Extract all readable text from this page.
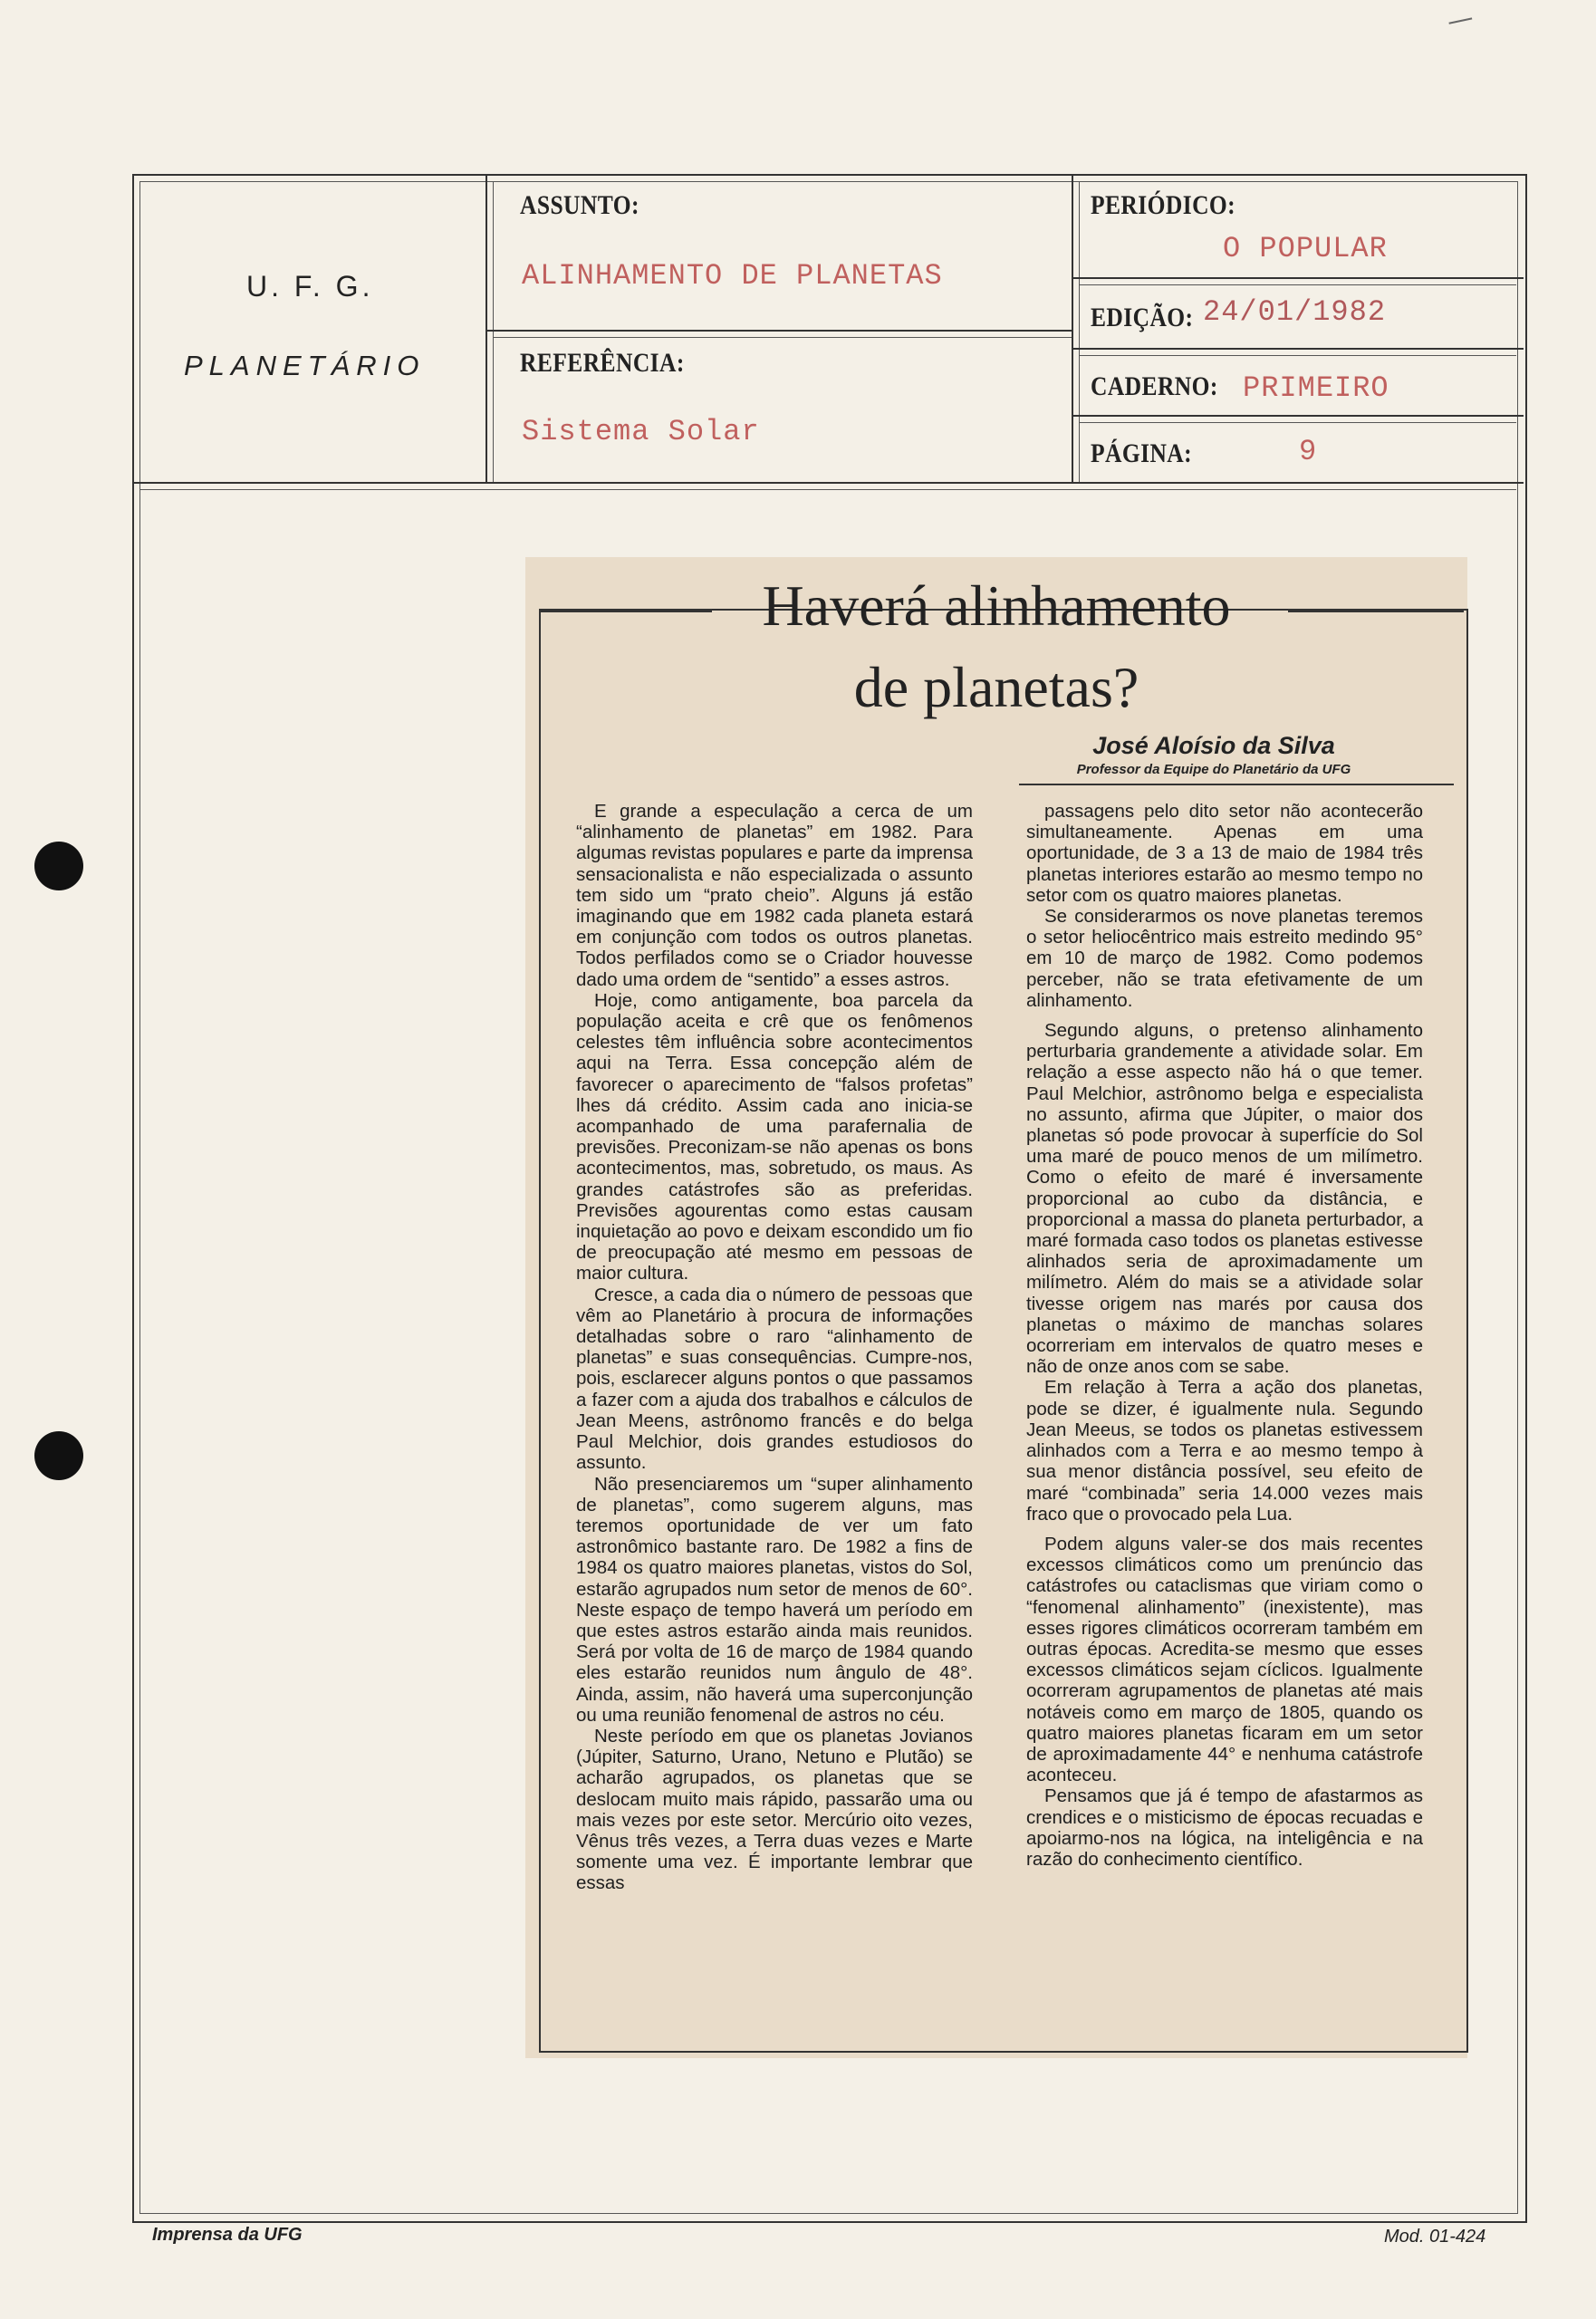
U. F. G.
PLANETÁRIO
ASSUNTO:
ALINHAMENTO DE PLANETAS
REFERÊNCIA:
Sistema Solar
PERIÓDICO:
O POPULAR
EDIÇÃO: 24/01/1982
CADERNO: PRIMEIRO
PÁGINA:	9
Haverá alinhamento
de planetas?
José Aloísio da Silva
Professor da Equipe do Planetário da UFG

E grande a especulação a cerca de um “alinhamento de planetas” em 1982. Para algumas revistas populares e parte da imprensa sensacionalista e não especializada o assunto tem sido um “prato cheio”. Alguns já estão imaginando que em 1982 cada planeta estará em conjunção com todos os outros planetas. Todos perfilados como se o Criador houvesse dado uma ordem de “sentido” a esses astros.

Hoje, como antigamente, boa parcela da população aceita e crê que os fenômenos celestes têm influência sobre acontecimentos aqui na Terra. Essa concepção além de favorecer o aparecimento de “falsos profetas” lhes dá crédito. Assim cada ano inicia-se acompanhado de uma parafernalia de previsões. Preconizam-se não apenas os bons acontecimentos, mas, sobretudo, os maus. As grandes catástrofes são as preferidas. Previsões agourentas como estas causam inquietação ao povo e deixam escondido um fio de preocupação até mesmo em pessoas de maior cultura.

Cresce, a cada dia o número de pessoas que vêm ao Planetário à procura de informações detalhadas sobre o raro “alinhamento de planetas” e suas consequências. Cumpre-nos, pois, esclarecer alguns pontos o que passamos a fazer com a ajuda dos trabalhos e cálculos de Jean Meens, astrônomo francês e do belga Paul Melchior, dois grandes estudiosos do assunto.

Não presenciaremos um “super alinhamento de planetas”, como sugerem alguns, mas teremos oportunidade de ver um fato astronômico bastante raro. De 1982 a fins de 1984 os quatro maiores planetas, vistos do Sol, estarão agrupados num setor de menos de 60°. Neste espaço de tempo haverá um período em que estes astros estarão ainda mais reunidos. Será por volta de 16 de março de 1984 quando eles estarão reunidos num ângulo de 48°. Ainda, assim, não haverá uma superconjunção ou uma reunião fenomenal de astros no céu.

Neste período em que os planetas Jovianos (Júpiter, Saturno, Urano, Netuno e Plutão) se acharão agrupados, os planetas que se deslocam muito mais rápido, passarão uma ou mais vezes por este setor. Mercúrio oito vezes, Vênus três vezes, a Terra duas vezes e Marte somente uma vez. É importante lembrar que essas

passagens pelo dito setor não acontecerão simultaneamente. Apenas em uma oportunidade, de 3 a 13 de maio de 1984 três planetas interiores estarão ao mesmo tempo no setor com os quatro maiores planetas.

Se considerarmos os nove planetas teremos o setor heliocêntrico mais estreito medindo 95° em 10 de março de 1982. Como podemos perceber, não se trata efetivamente de um alinhamento.

Segundo alguns, o pretenso alinhamento perturbaria grandemente a atividade solar. Em relação a esse aspecto não há o que temer. Paul Melchior, astrônomo belga e especialista no assunto, afirma que Júpiter, o maior dos planetas só pode provocar à superfície do Sol uma maré de pouco menos de um milímetro. Como o efeito de maré é inversamente proporcional ao cubo da distância, e proporcional a massa do planeta perturbador, a maré formada caso todos os planetas estivesse alinhados seria de aproximadamente um milímetro. Além do mais se a atividade solar tivesse origem nas marés por causa dos planetas o máximo de manchas solares ocorreriam em intervalos de quatro meses e não de onze anos com se sabe.

Em relação à Terra a ação dos planetas, pode se dizer, é igualmente nula. Segundo Jean Meeus, se todos os planetas estivessem alinhados com a Terra e ao mesmo tempo à sua menor distância possível, seu efeito de maré “combinada” seria 14.000 vezes mais fraco que o provocado pela Lua.

Podem alguns valer-se dos mais recentes excessos climáticos como um prenúncio das catástrofes ou cataclismas que viriam como o “fenomenal alinhamento” (inexistente), mas esses rigores climáticos ocorreram também em outras épocas. Acredita-se mesmo que esses excessos climáticos sejam cíclicos. Igualmente ocorreram agrupamentos de planetas até mais notáveis como em março de 1805, quando os quatro maiores planetas ficaram em um setor de aproximadamente 44° e nenhuma catástrofe aconteceu.

Pensamos que já é tempo de afastarmos as crendices e o misticismo de épocas recuadas e apoiarmo-nos na lógica, na inteligência e na razão do conhecimento científico.

Imprensa da UFG	Mod. 01-424
